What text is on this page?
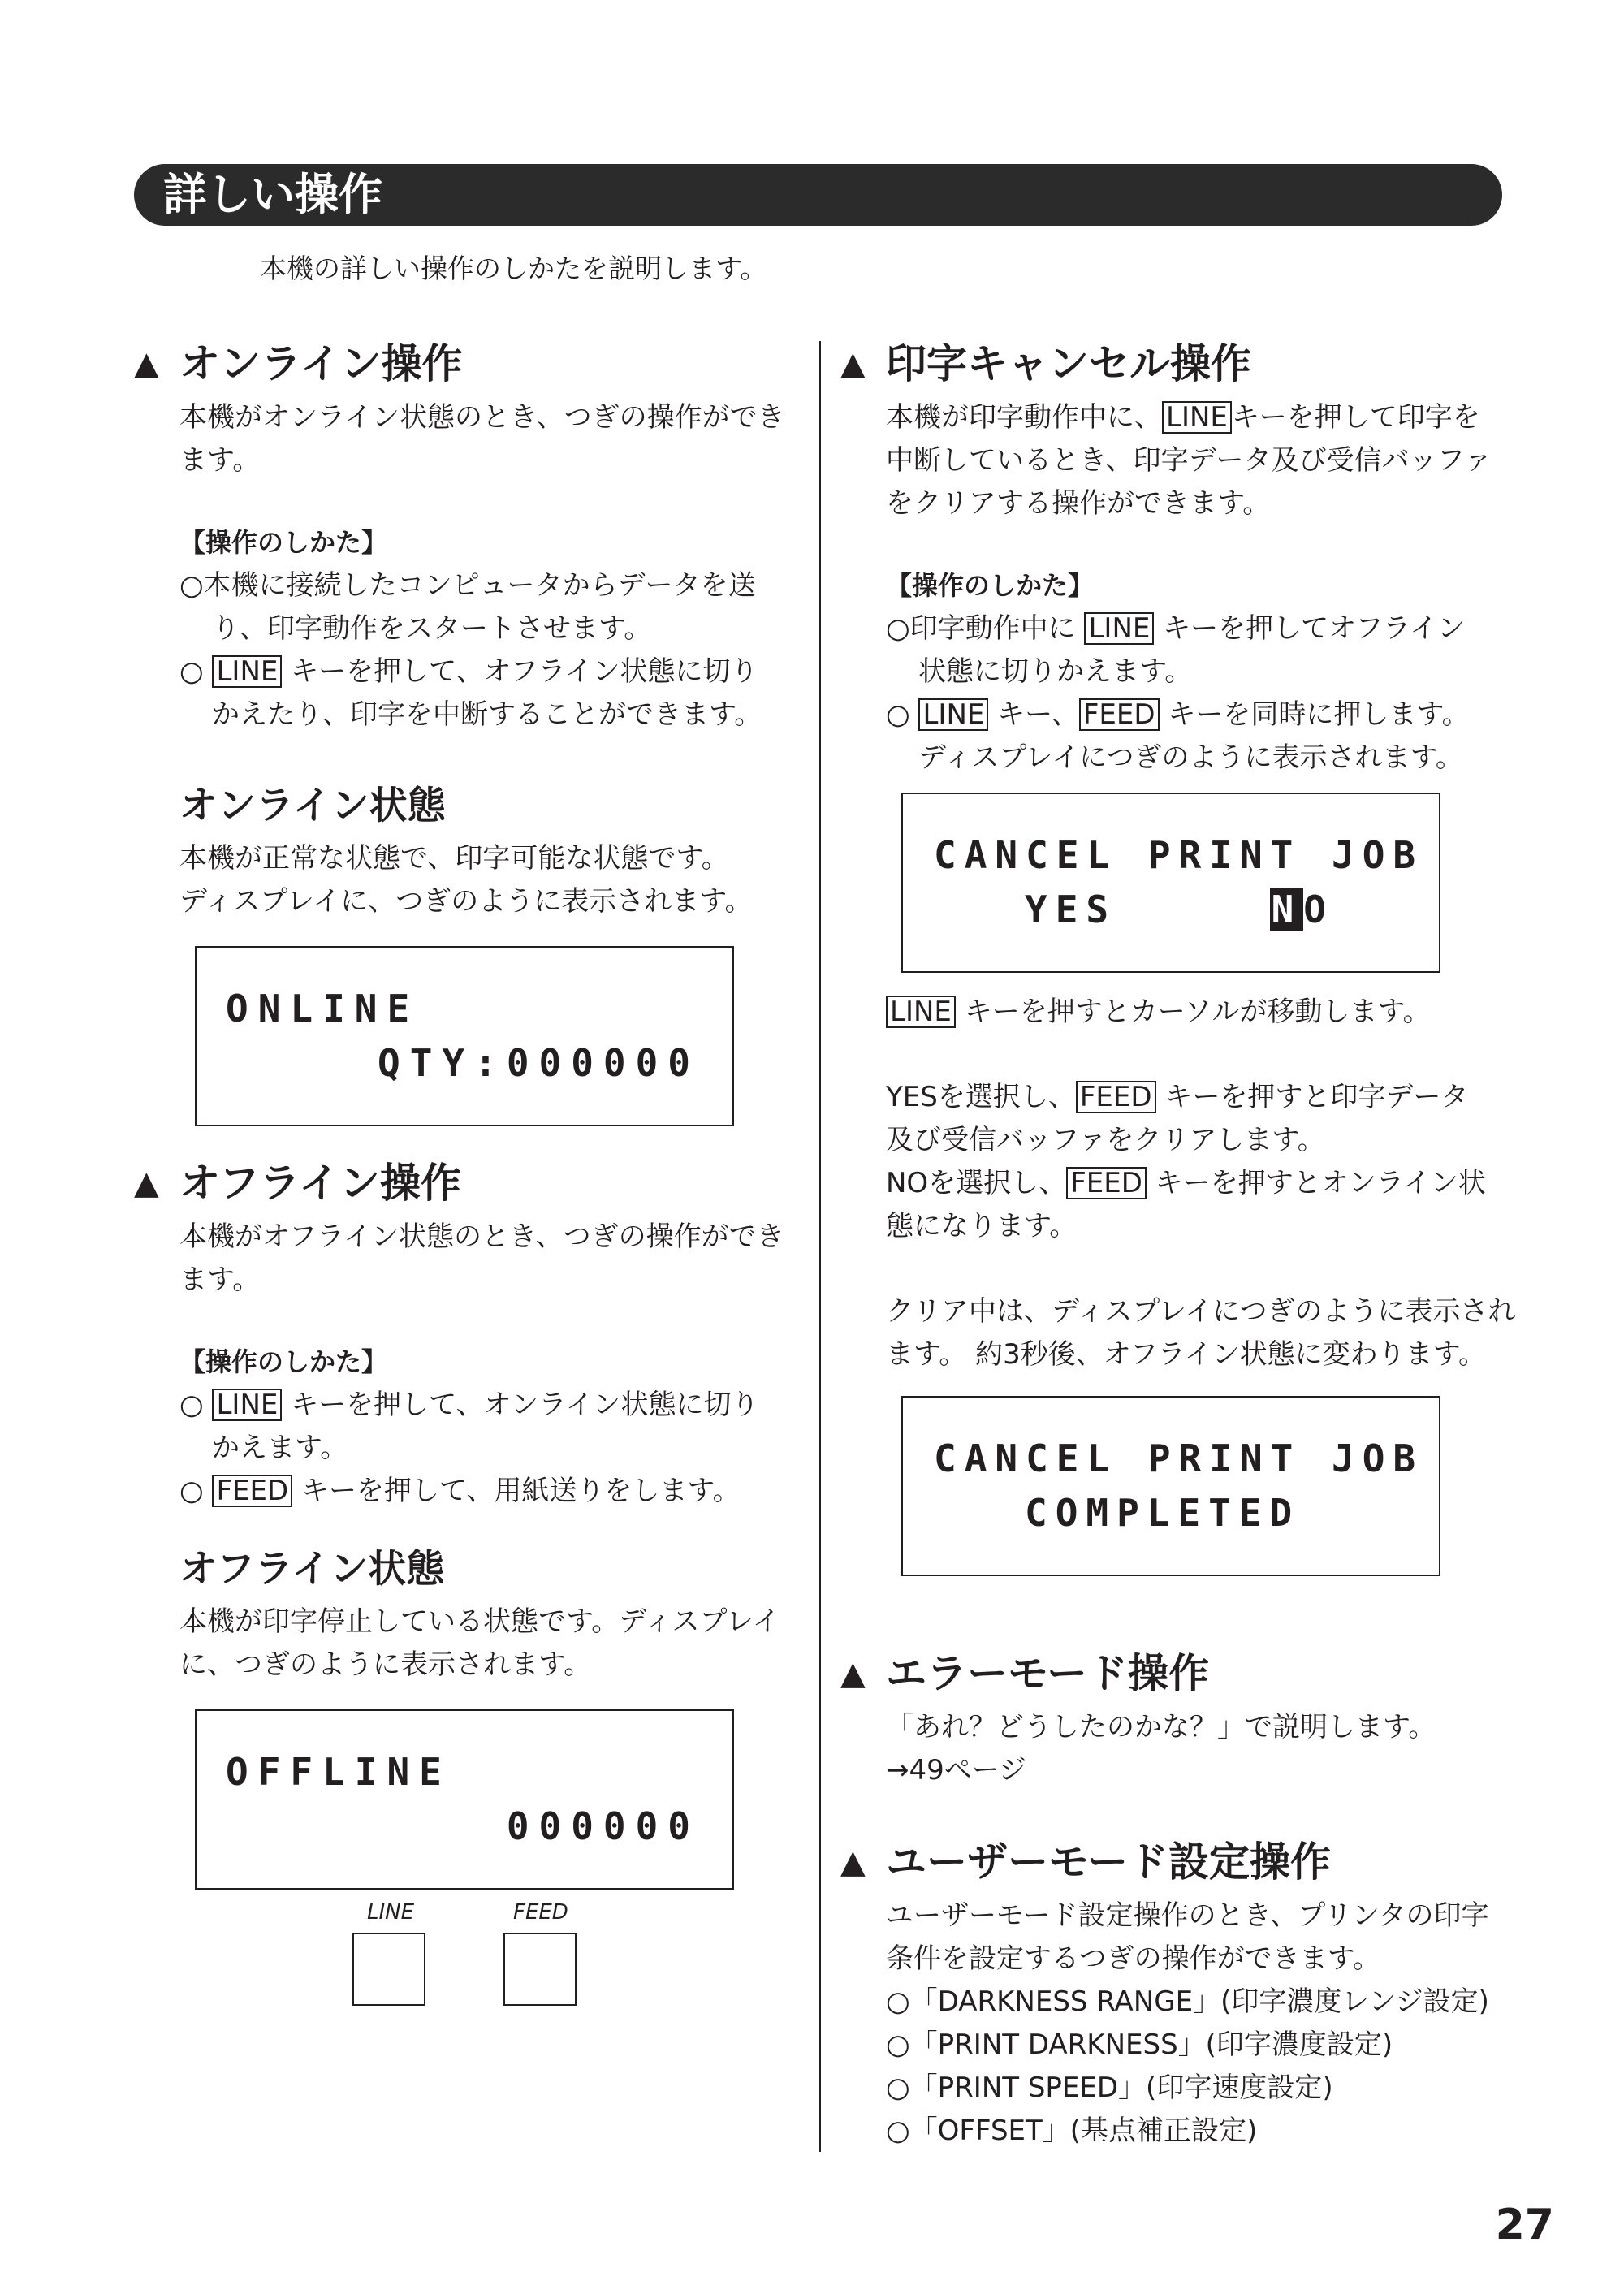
詳しい操作
本機の詳しい操作のしかたを説明します。
▲ オンライン操作
本機がオンライン状態のとき、つぎの操作ができ
ます。
【操作のしかた】
○本機に接続したコンピュータからデータを送
り、印字動作をスタートさせます。
○ LINE キーを押して、オフライン状態に切り
かえたり、印字を中断することができます。
オンライン状態
本機が正常な状態で、印字可能な状態です。
ディスプレイに、つぎのように表示されます。
ONLINE
QTY:000000
▲ オフライン操作
本機がオフライン状態のとき、つぎの操作ができ
ます。
【操作のしかた】
○ LINE キーを押して、オンライン状態に切り
かえます。
○ FEED キーを押して、用紙送りをします。
オフライン状態
本機が印字停止している状態です。ディスプレイ
に、つぎのように表示されます。
OFFLINE
000000
LINE	FEED
▲ 印字キャンセル操作
本機が印字動作中に、 LINE キーを押して印字を
中断しているとき、印字データ及び受信バッファ
をクリアする操作ができます。
【操作のしかた】
○印字動作中に LINE キーを押してオフライン
状態に切りかえます。
○ LINE キー、 FEED キーを同時に押します。
ディスプレイにつぎのように表示されます。
CANCEL PRINT JOB
YES	NO
LINE キーを押すとカーソルが移動します。
YESを選択し、 FEED キーを押すと印字データ
及び受信バッファをクリアします。
NOを選択し、 FEED キーを押すとオンライン状
態になります。
クリア中は、ディスプレイにつぎのように表示され
ます。 約3秒後、オフライン状態に変わります。
CANCEL PRINT JOB
COMPLETED
▲ エラーモード操作
「あれ？どうしたのかな？」で説明します。
→49ページ
▲ ユーザーモード設定操作
ユーザーモード設定操作のとき、プリンタの印字
条件を設定するつぎの操作ができます。
○「DARKNESS RANGE」(印字濃度レンジ設定)
○「PRINT DARKNESS」(印字濃度設定)
○「PRINT SPEED」(印字速度設定)
○「OFFSET」(基点補正設定)
27
